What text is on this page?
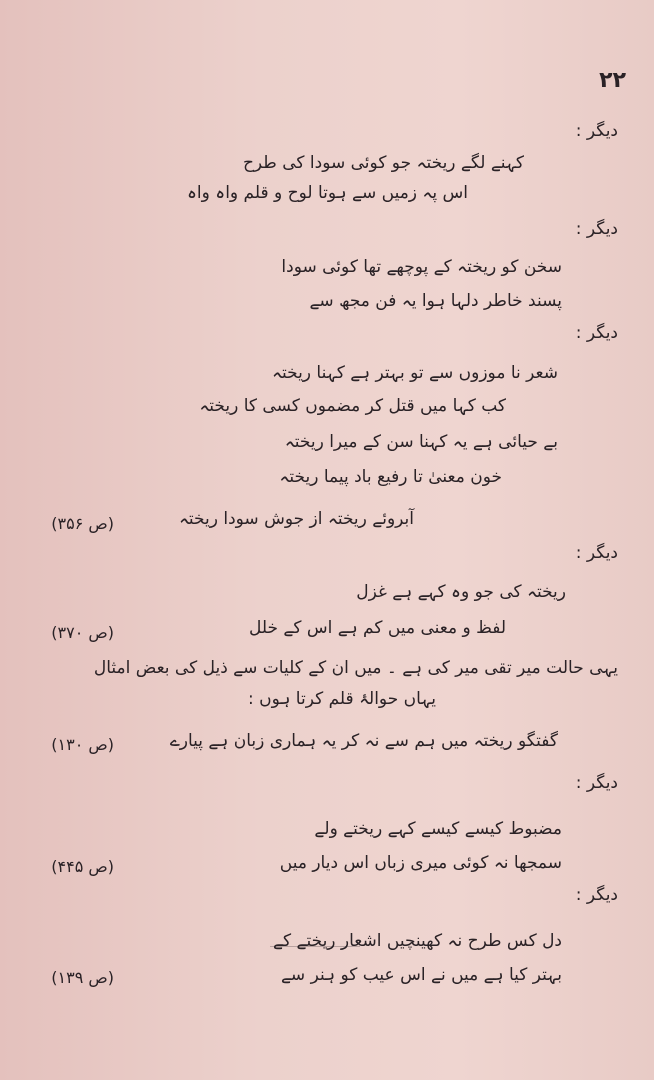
۲۲
دیگر :
کہنے لگے ریختہ جو کوئی سودا کی طرح
اس پہ زمیں سے ہوتا لوح و قلم واہ واہ
دیگر :
سخن کو ریختہ کے پوچھے تھا کوئی سودا
پسند خاطر دلہا ہوا یہ فن مجھ سے
دیگر :
شعر نا موزوں سے تو بہتر ہے کہنا ریختہ
کب کہا میں قتل کر مضموں کسی کا ریختہ
بے حیائی ہے یہ کہنا سن کے میرا ریختہ
خون معنیٰ تا رفیع باد پیما ریختہ
آبروئے ریختہ از جوش سودا ریختہ
(ص ۳۵۶)
دیگر :
ریختہ کی جو وہ کہے ہے غزل
لفظ و معنی میں کم ہے اس کے خلل
(ص ۳۷۰)
یہی حالت میر تقی میر کی ہے ۔ میں ان کے کلیات سے ذیل کی بعض امثال
یہاں حوالۂ قلم کرتا ہوں :
گفتگو ریختہ میں ہم سے نہ کر یہ ہماری زبان ہے پیارے
(ص ۱۳۰)
دیگر :
مضبوط کیسے کیسے کہے ریختے ولے
سمجھا نہ کوئی میری زباں اس دیار میں
(ص ۴۴۵)
دیگر :
دل کس طرح نہ کھینچیں اشعار ریختے کے
بہتر کیا ہے میں نے اس عیب کو ہنر سے
(ص ۱۳۹)
